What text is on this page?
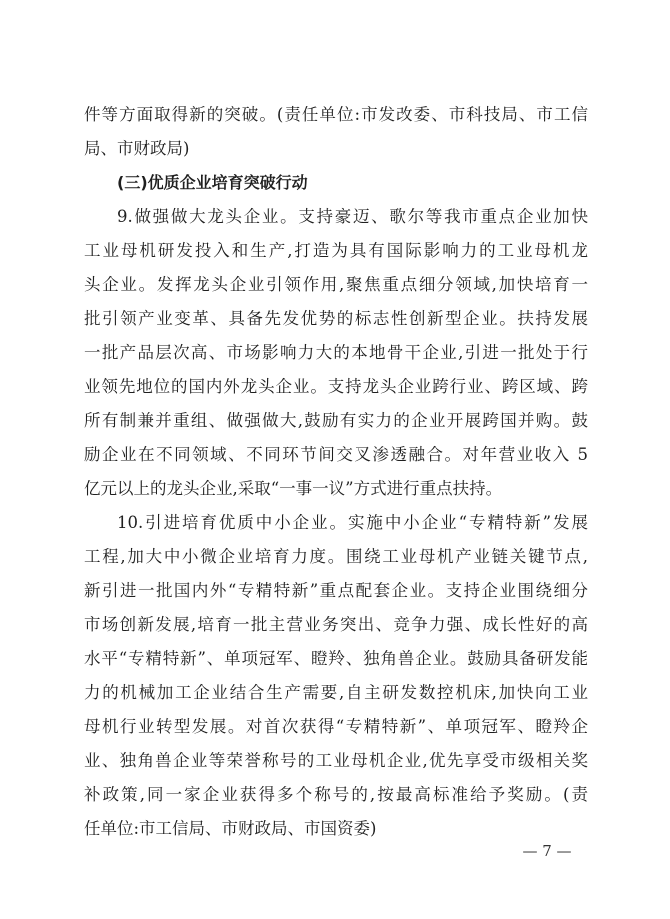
件等方面取得新的突破。(责任单位:市发改委、市科技局、市工信
局、市财政局)
(三)优质企业培育突破行动
9.做强做大龙头企业。支持豪迈、歌尔等我市重点企业加快
工业母机研发投入和生产,打造为具有国际影响力的工业母机龙
头企业。发挥龙头企业引领作用,聚焦重点细分领域,加快培育一
批引领产业变革、具备先发优势的标志性创新型企业。扶持发展
一批产品层次高、市场影响力大的本地骨干企业,引进一批处于行
业领先地位的国内外龙头企业。支持龙头企业跨行业、跨区域、跨
所有制兼并重组、做强做大,鼓励有实力的企业开展跨国并购。鼓
励企业在不同领域、不同环节间交叉渗透融合。对年营业收入 5
亿元以上的龙头企业,采取“一事一议”方式进行重点扶持。
10.引进培育优质中小企业。实施中小企业“专精特新”发展
工程,加大中小微企业培育力度。围绕工业母机产业链关键节点,
新引进一批国内外“专精特新”重点配套企业。支持企业围绕细分
市场创新发展,培育一批主营业务突出、竞争力强、成长性好的高
水平“专精特新”、单项冠军、瞪羚、独角兽企业。鼓励具备研发能
力的机械加工企业结合生产需要,自主研发数控机床,加快向工业
母机行业转型发展。对首次获得“专精特新”、单项冠军、瞪羚企
业、独角兽企业等荣誉称号的工业母机企业,优先享受市级相关奖
补政策,同一家企业获得多个称号的,按最高标准给予奖励。(责
任单位:市工信局、市财政局、市国资委)
— 7 —
